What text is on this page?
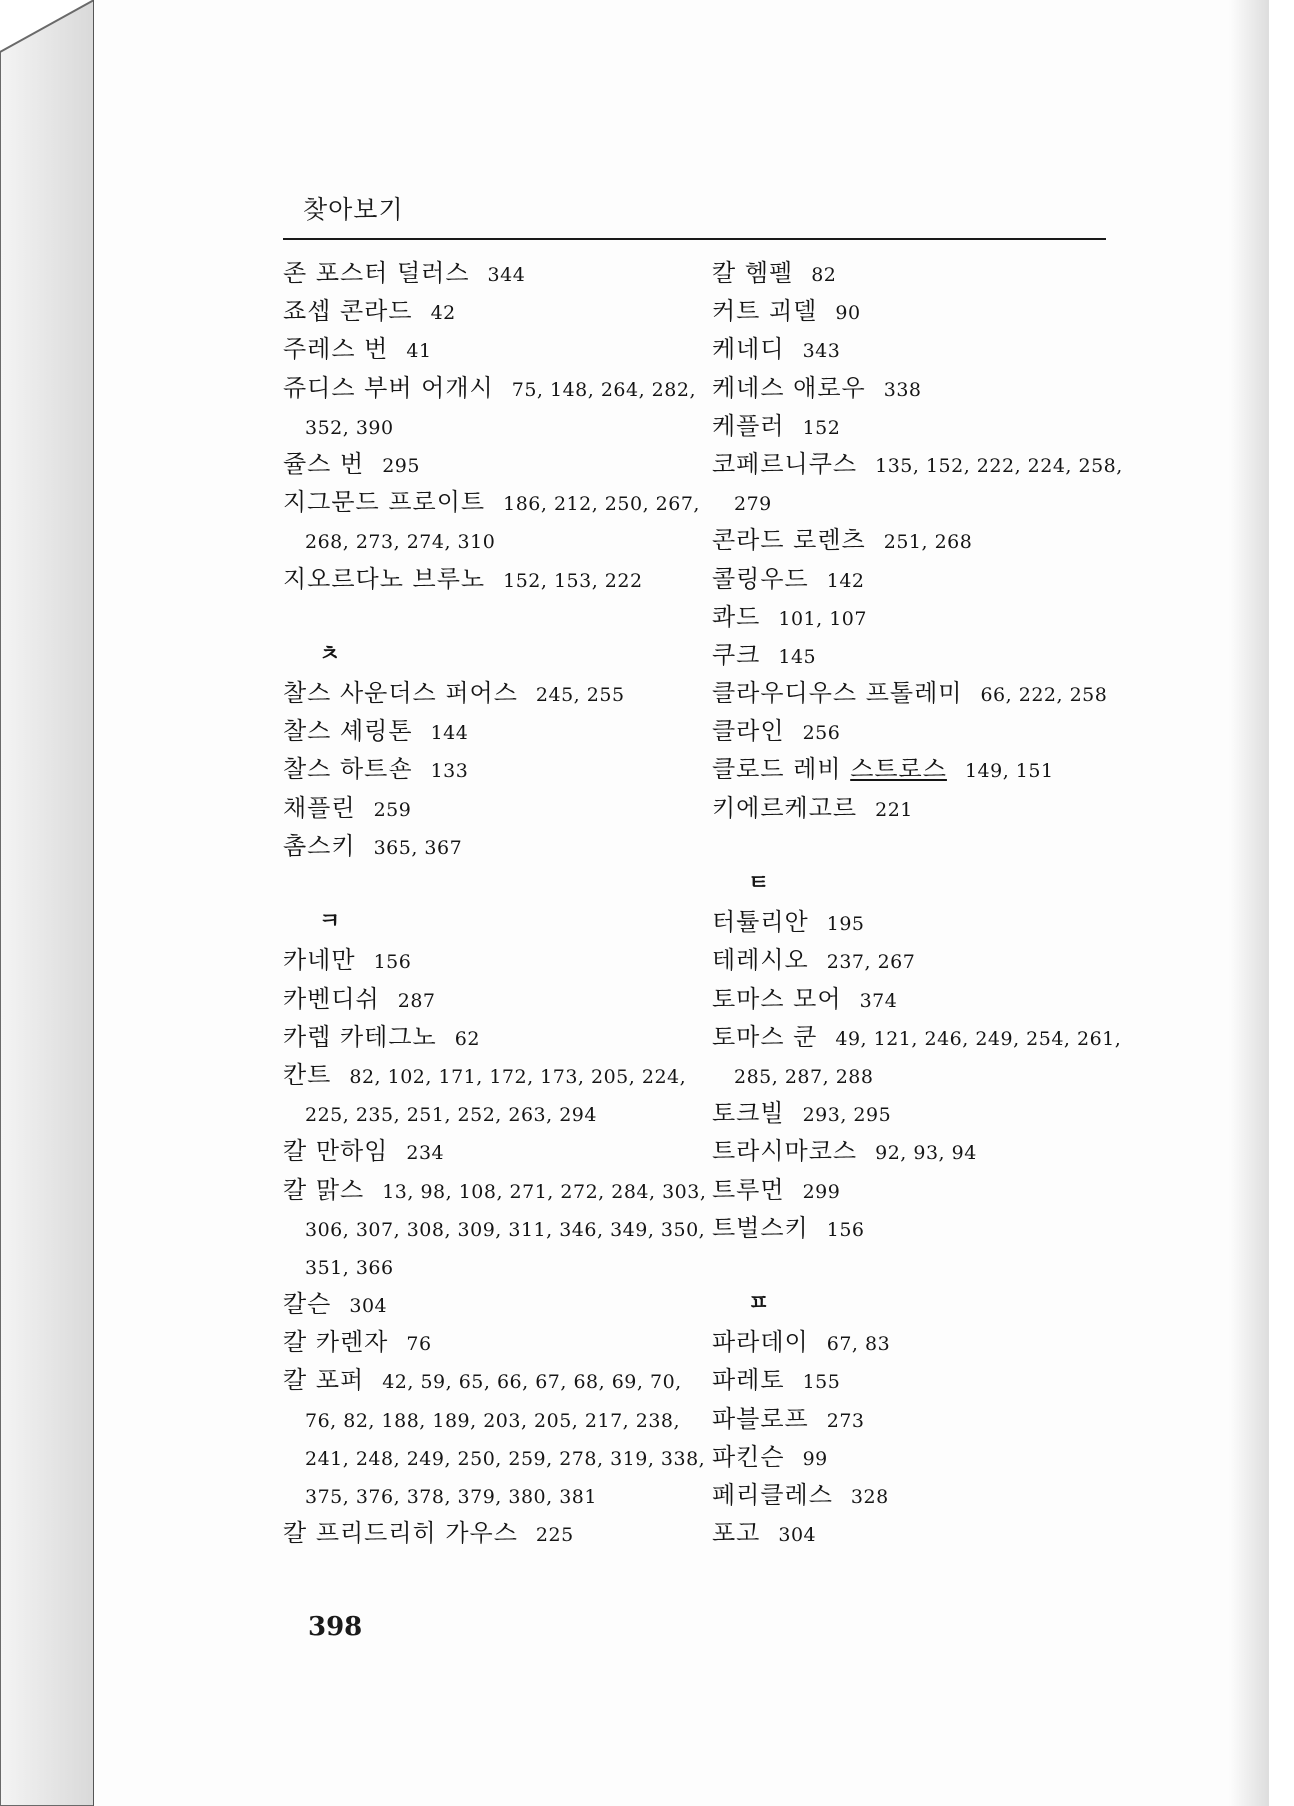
찾아보기
존 포스터 덜러스 344
죠셉 콘라드 42
주레스 번 41
쥬디스 부버 어개시 75, 148, 264, 282,
352, 390
쥴스 번 295
지그문드 프로이트 186, 212, 250, 267,
268, 273, 274, 310
지오르다노 브루노 152, 153, 222
ㅊ
찰스 사운더스 퍼어스 245, 255
찰스 셰링톤 144
찰스 하트숀 133
채플린 259
촘스키 365, 367
ㅋ
카네만 156
카벤디쉬 287
카렙 카테그노 62
칸트 82, 102, 171, 172, 173, 205, 224,
225, 235, 251, 252, 263, 294
칼 만하임 234
칼 맑스 13, 98, 108, 271, 272, 284, 303,
306, 307, 308, 309, 311, 346, 349, 350,
351, 366
칼슨 304
칼 카렌자 76
칼 포퍼 42, 59, 65, 66, 67, 68, 69, 70,
76, 82, 188, 189, 203, 205, 217, 238,
241, 248, 249, 250, 259, 278, 319, 338,
375, 376, 378, 379, 380, 381
칼 프리드리히 가우스 225
칼 헴펠 82
커트 괴델 90
케네디 343
케네스 애로우 338
케플러 152
코페르니쿠스 135, 152, 222, 224, 258,
279
콘라드 로렌츠 251, 268
콜링우드 142
콰드 101, 107
쿠크 145
클라우디우스 프톨레미 66, 222, 258
클라인 256
클로드 레비 스트로스 149, 151
키에르케고르 221
ㅌ
터튤리안 195
테레시오 237, 267
토마스 모어 374
토마스 쿤 49, 121, 246, 249, 254, 261,
285, 287, 288
토크빌 293, 295
트라시마코스 92, 93, 94
트루먼 299
트벌스키 156
ㅍ
파라데이 67, 83
파레토 155
파블로프 273
파킨슨 99
페리클레스 328
포고 304
398
